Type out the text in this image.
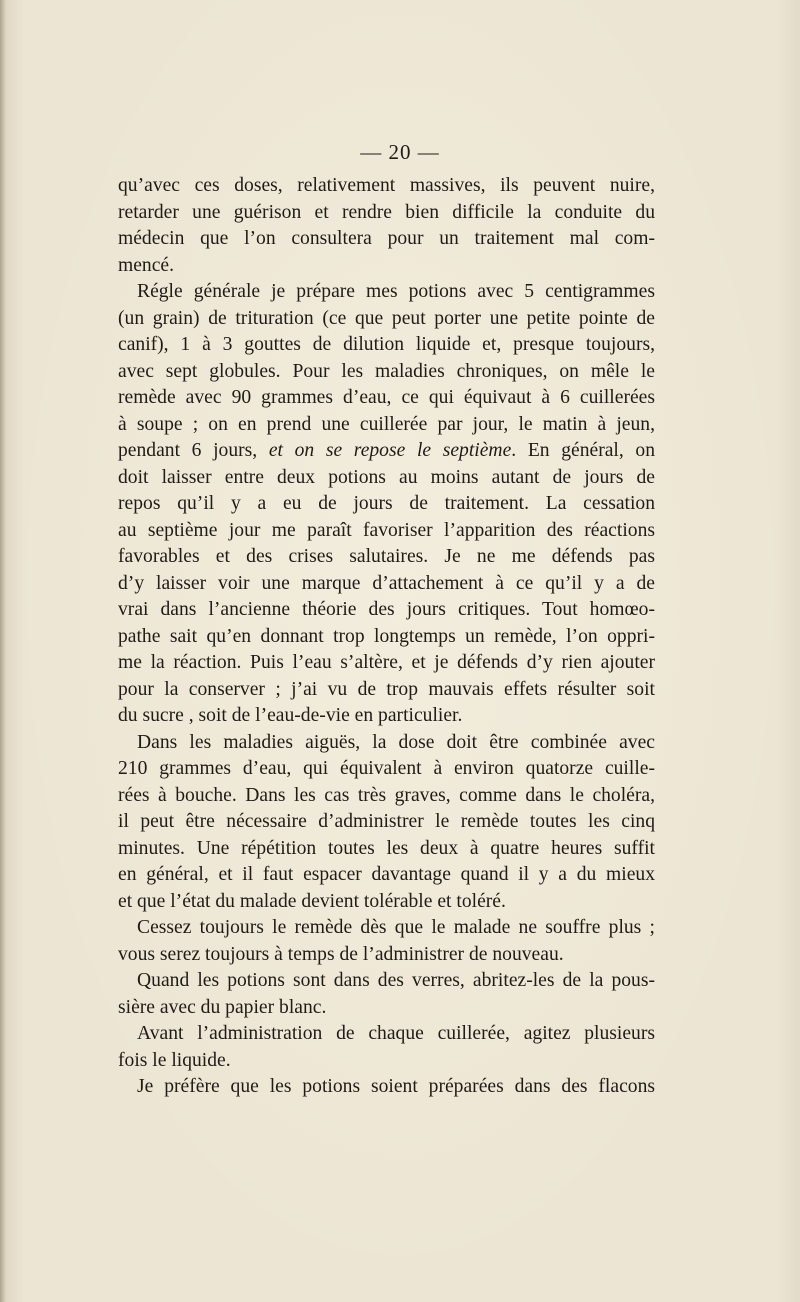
— 20 —
qu’avec ces doses, relativement massives, ils peuvent nuire,
retarder une guérison et rendre bien difficile la conduite du
médecin que l’on consultera pour un traitement mal com-
mencé.
Régle générale je prépare mes potions avec 5 centigrammes
(un grain) de trituration (ce que peut porter une petite pointe de
canif), 1 à 3 gouttes de dilution liquide et, presque toujours,
avec sept globules. Pour les maladies chroniques, on mêle le
remède avec 90 grammes d’eau, ce qui équivaut à 6 cuillerées
à soupe ; on en prend une cuillerée par jour, le matin à jeun,
pendant 6 jours, et on se repose le septième. En général, on
doit laisser entre deux potions au moins autant de jours de
repos qu’il y a eu de jours de traitement. La cessation
au septième jour me paraît favoriser l’apparition des réactions
favorables et des crises salutaires. Je ne me défends pas
d’y laisser voir une marque d’attachement à ce qu’il y a de
vrai dans l’ancienne théorie des jours critiques. Tout homœo-
pathe sait qu’en donnant trop longtemps un remède, l’on oppri-
me la réaction. Puis l’eau s’altère, et je défends d’y rien ajouter
pour la conserver ; j’ai vu de trop mauvais effets résulter soit
du sucre , soit de l’eau-de-vie en particulier.
Dans les maladies aiguës, la dose doit être combinée avec
210 grammes d’eau, qui équivalent à environ quatorze cuille-
rées à bouche. Dans les cas très graves, comme dans le choléra,
il peut être nécessaire d’administrer le remède toutes les cinq
minutes. Une répétition toutes les deux à quatre heures suffit
en général, et il faut espacer davantage quand il y a du mieux
et que l’état du malade devient tolérable et toléré.
Cessez toujours le remède dès que le malade ne souffre plus ;
vous serez toujours à temps de l’administrer de nouveau.
Quand les potions sont dans des verres, abritez-les de la pous-
sière avec du papier blanc.
Avant l’administration de chaque cuillerée, agitez plusieurs
fois le liquide.
Je préfère que les potions soient préparées dans des flacons
